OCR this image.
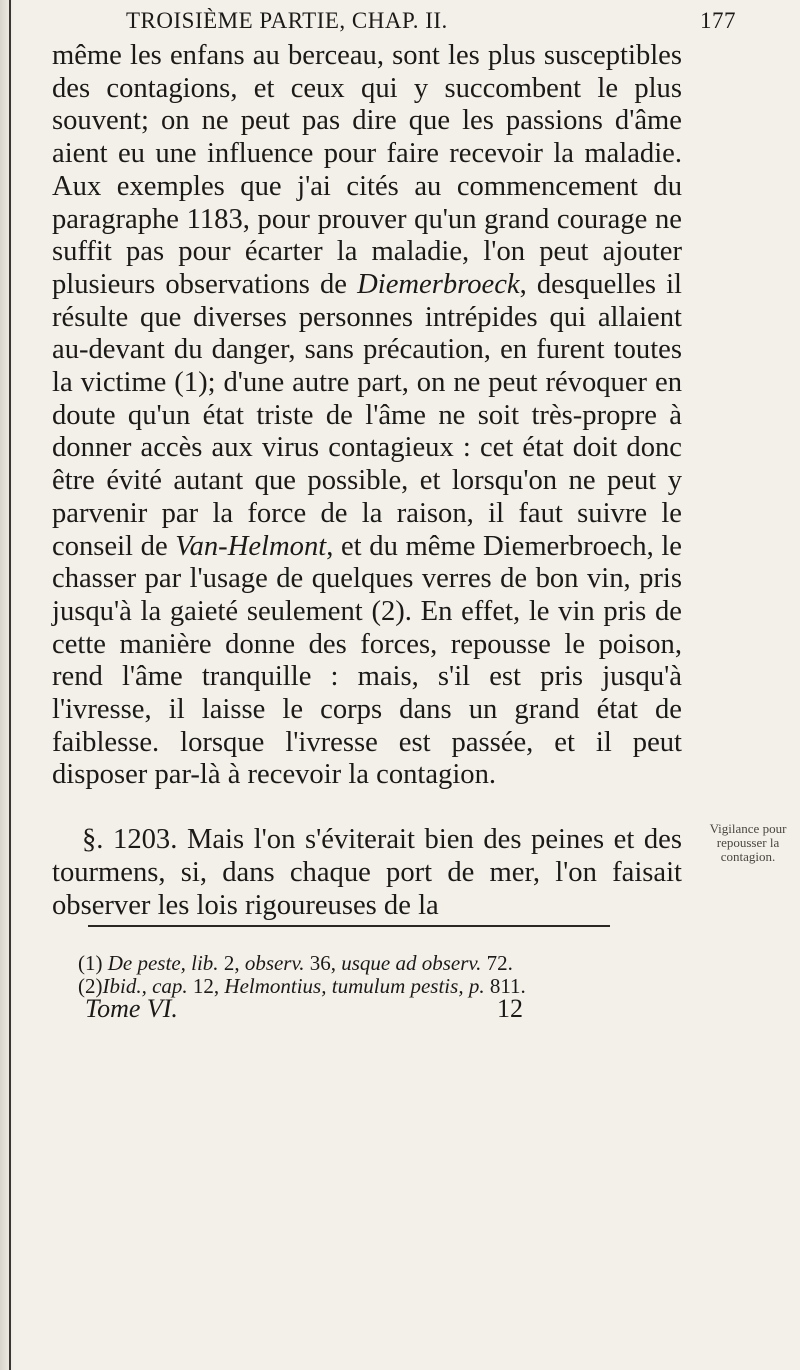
TROISIÈME PARTIE, CHAP. II.	177

même les enfans au berceau, sont les plus susceptibles des contagions, et ceux qui y succombent le plus souvent; on ne peut pas dire que les passions d'âme aient eu une influence pour faire recevoir la maladie. Aux exemples que j'ai cités au commencement du paragraphe 1183, pour prouver qu'un grand courage ne suffit pas pour écarter la maladie, l'on peut ajouter plusieurs observations de Diemerbroeck, desquelles il résulte que diverses personnes intrépides qui allaient au-devant du danger, sans précaution, en furent toutes la victime (1); d'une autre part, on ne peut révoquer en doute qu'un état triste de l'âme ne soit très-propre à donner accès aux virus contagieux : cet état doit donc être évité autant que possible, et lorsqu'on ne peut y parvenir par la force de la raison, il faut suivre le conseil de Van-Helmont, et du même Diemerbroech, le chasser par l'usage de quelques verres de bon vin, pris jusqu'à la gaieté seulement (2). En effet, le vin pris de cette manière donne des forces, repousse le poison, rend l'âme tranquille : mais, s'il est pris jusqu'à l'ivresse, il laisse le corps dans un grand état de faiblesse. lorsque l'ivresse est passée, et il peut disposer par-là à recevoir la contagion.

§. 1203. Mais l'on s'éviterait bien des peines et des tourmens, si, dans chaque port de mer, l'on faisait observer les lois rigoureuses de la

Vigilance pour
repousser la
contagion.
(1) De peste, lib. 2, observ. 36, usque ad observ. 72.
(2)Ibid., cap. 12, Helmontius, tumulum pestis, p. 811.
Tome VI.	12
